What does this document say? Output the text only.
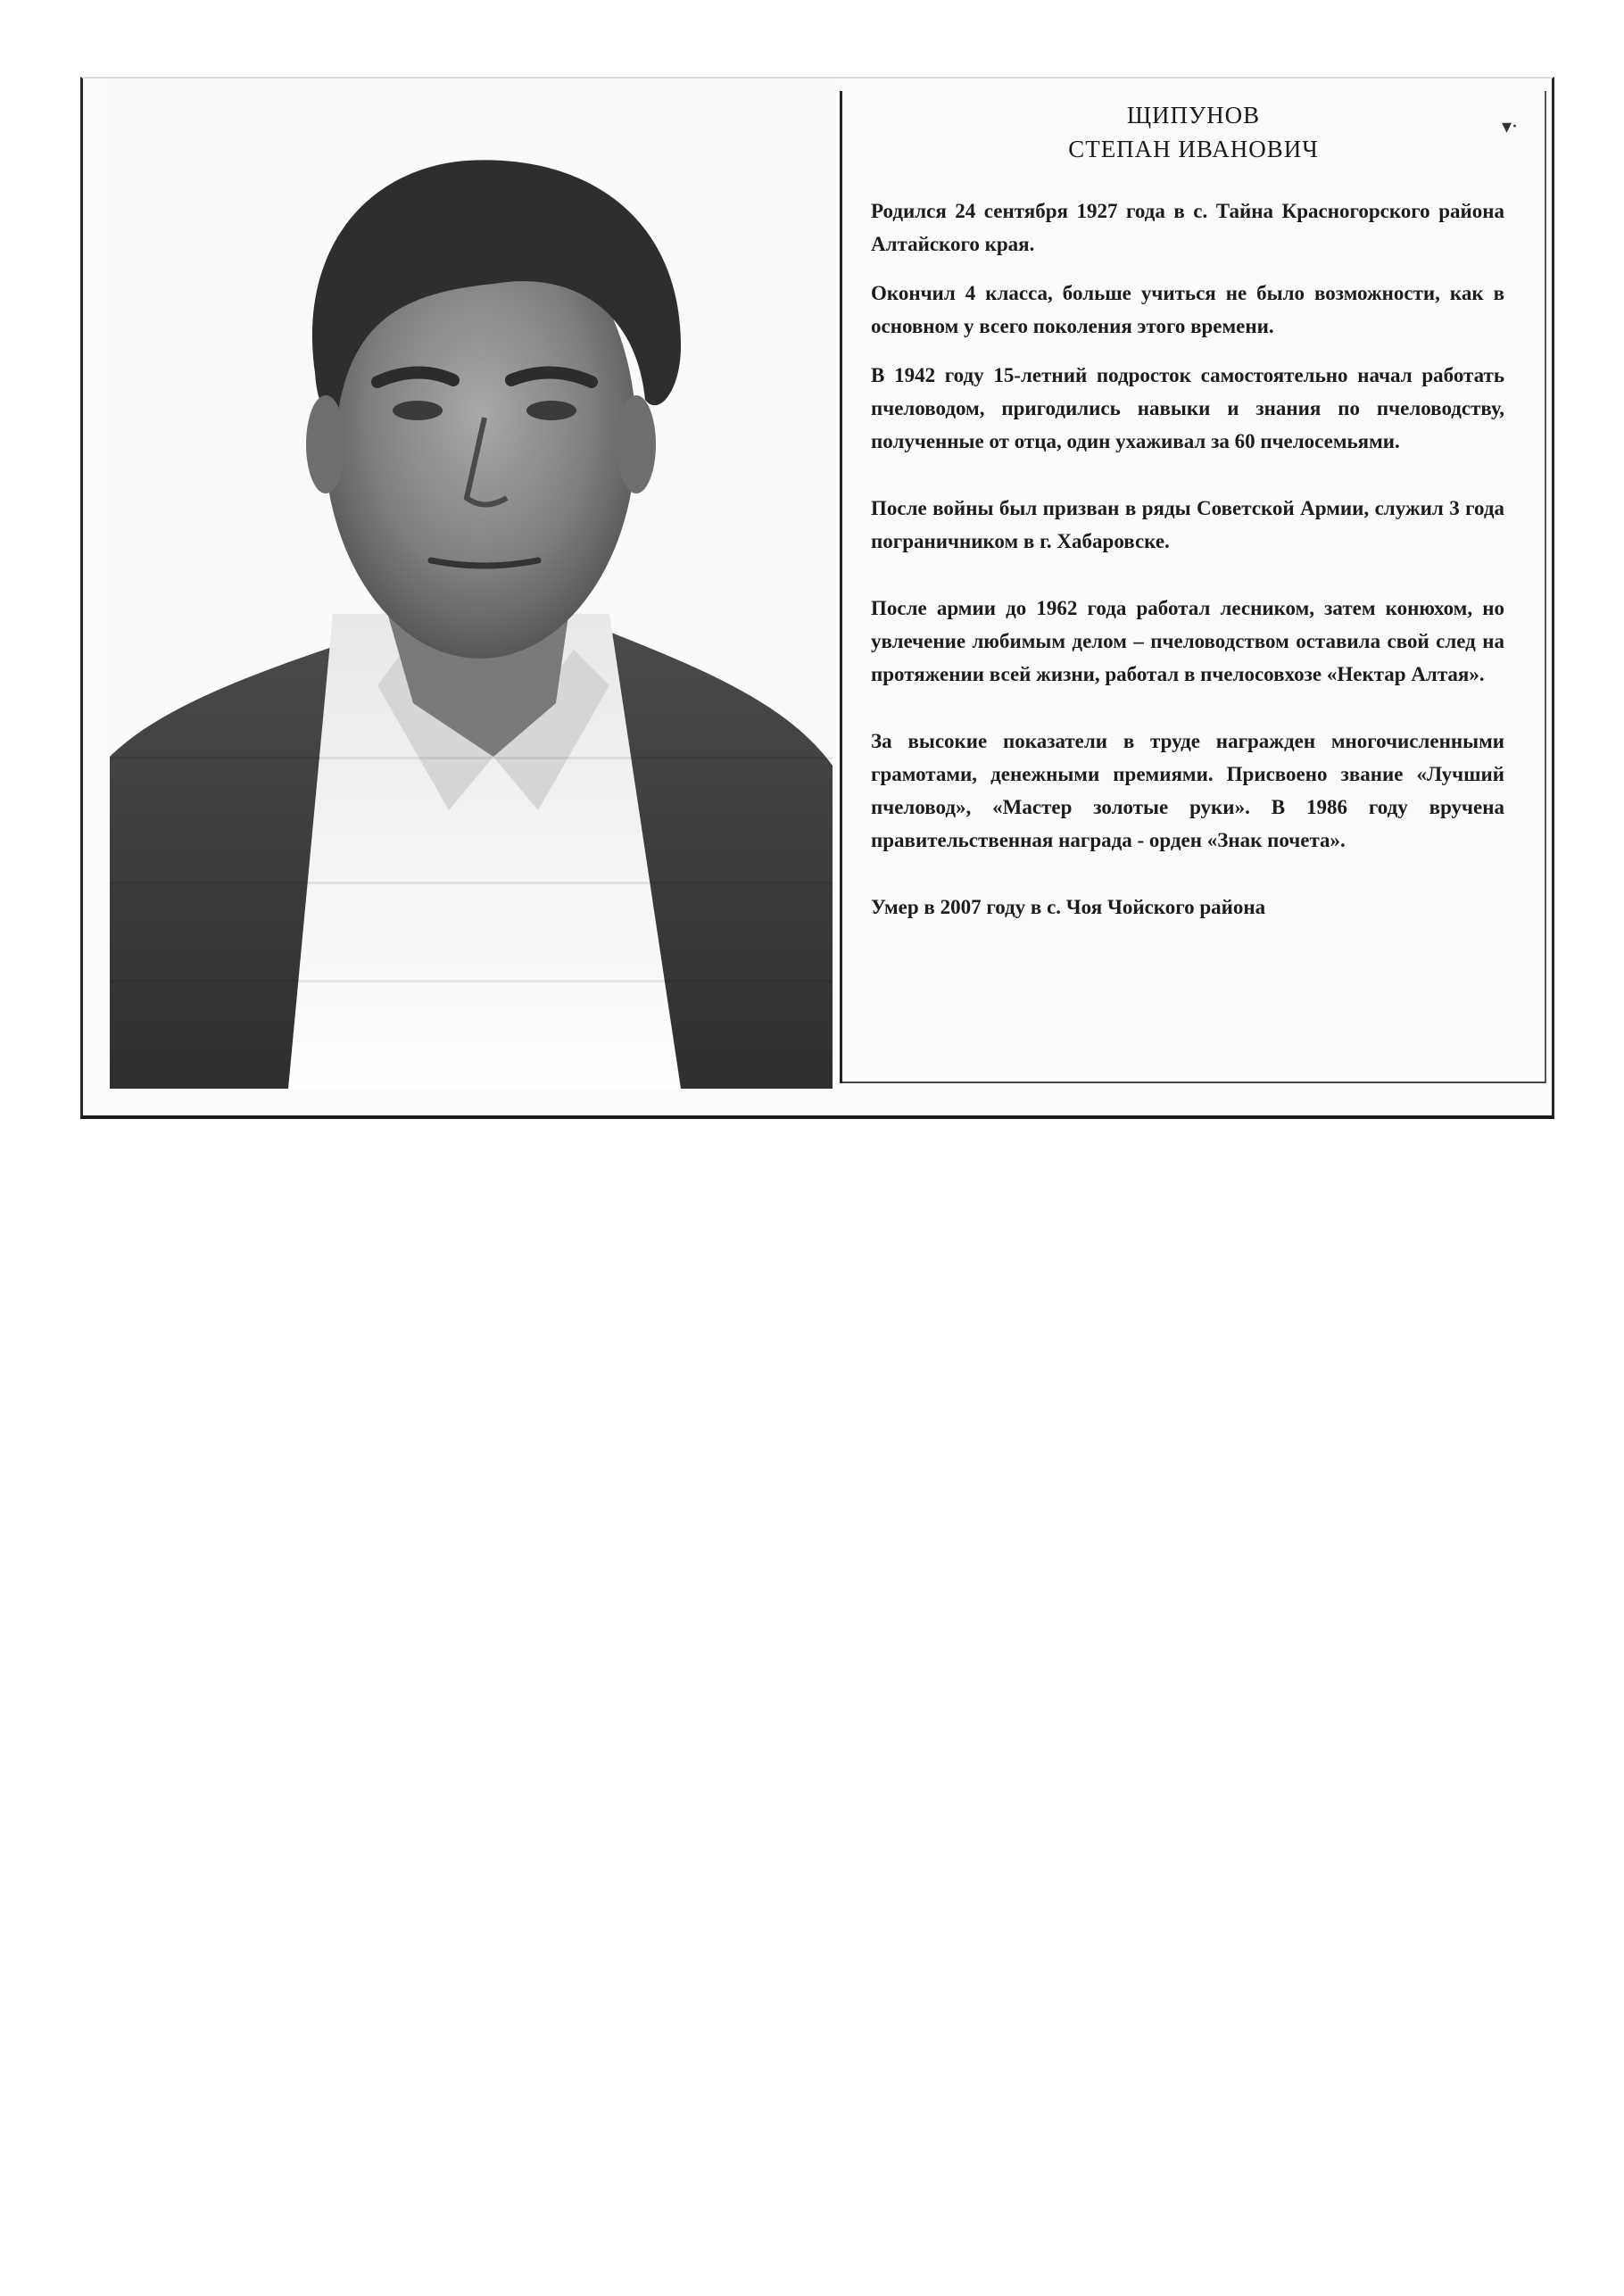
▾·
ЩИПУНОВ
СТЕПАН ИВАНОВИЧ

Родился 24 сентября 1927 года в с. Тайна Красногорского района Алтайского края.

Окончил 4 класса, больше учиться не было возможности, как в основном у всего поколения этого времени.

В 1942 году 15-летний подросток самостоятельно начал работать пчеловодом, пригодились навыки и знания по пчеловодству, полученные от отца, один ухаживал за 60 пчелосемьями.

После войны был призван в ряды Советской Армии, служил 3 года пограничником в г. Хабаровске.

После армии до 1962 года работал лесником, затем конюхом, но увлечение любимым делом – пчеловодством оставила свой след на протяжении всей жизни, работал в пчелосовхозе «Нектар Алтая».

За высокие показатели в труде награжден многочисленными грамотами, денежными премиями. Присвоено звание «Лучший пчеловод», «Мастер золотые руки». В 1986 году вручена правительственная награда - орден «Знак почета».

Умер в 2007 году в с. Чоя Чойского района
